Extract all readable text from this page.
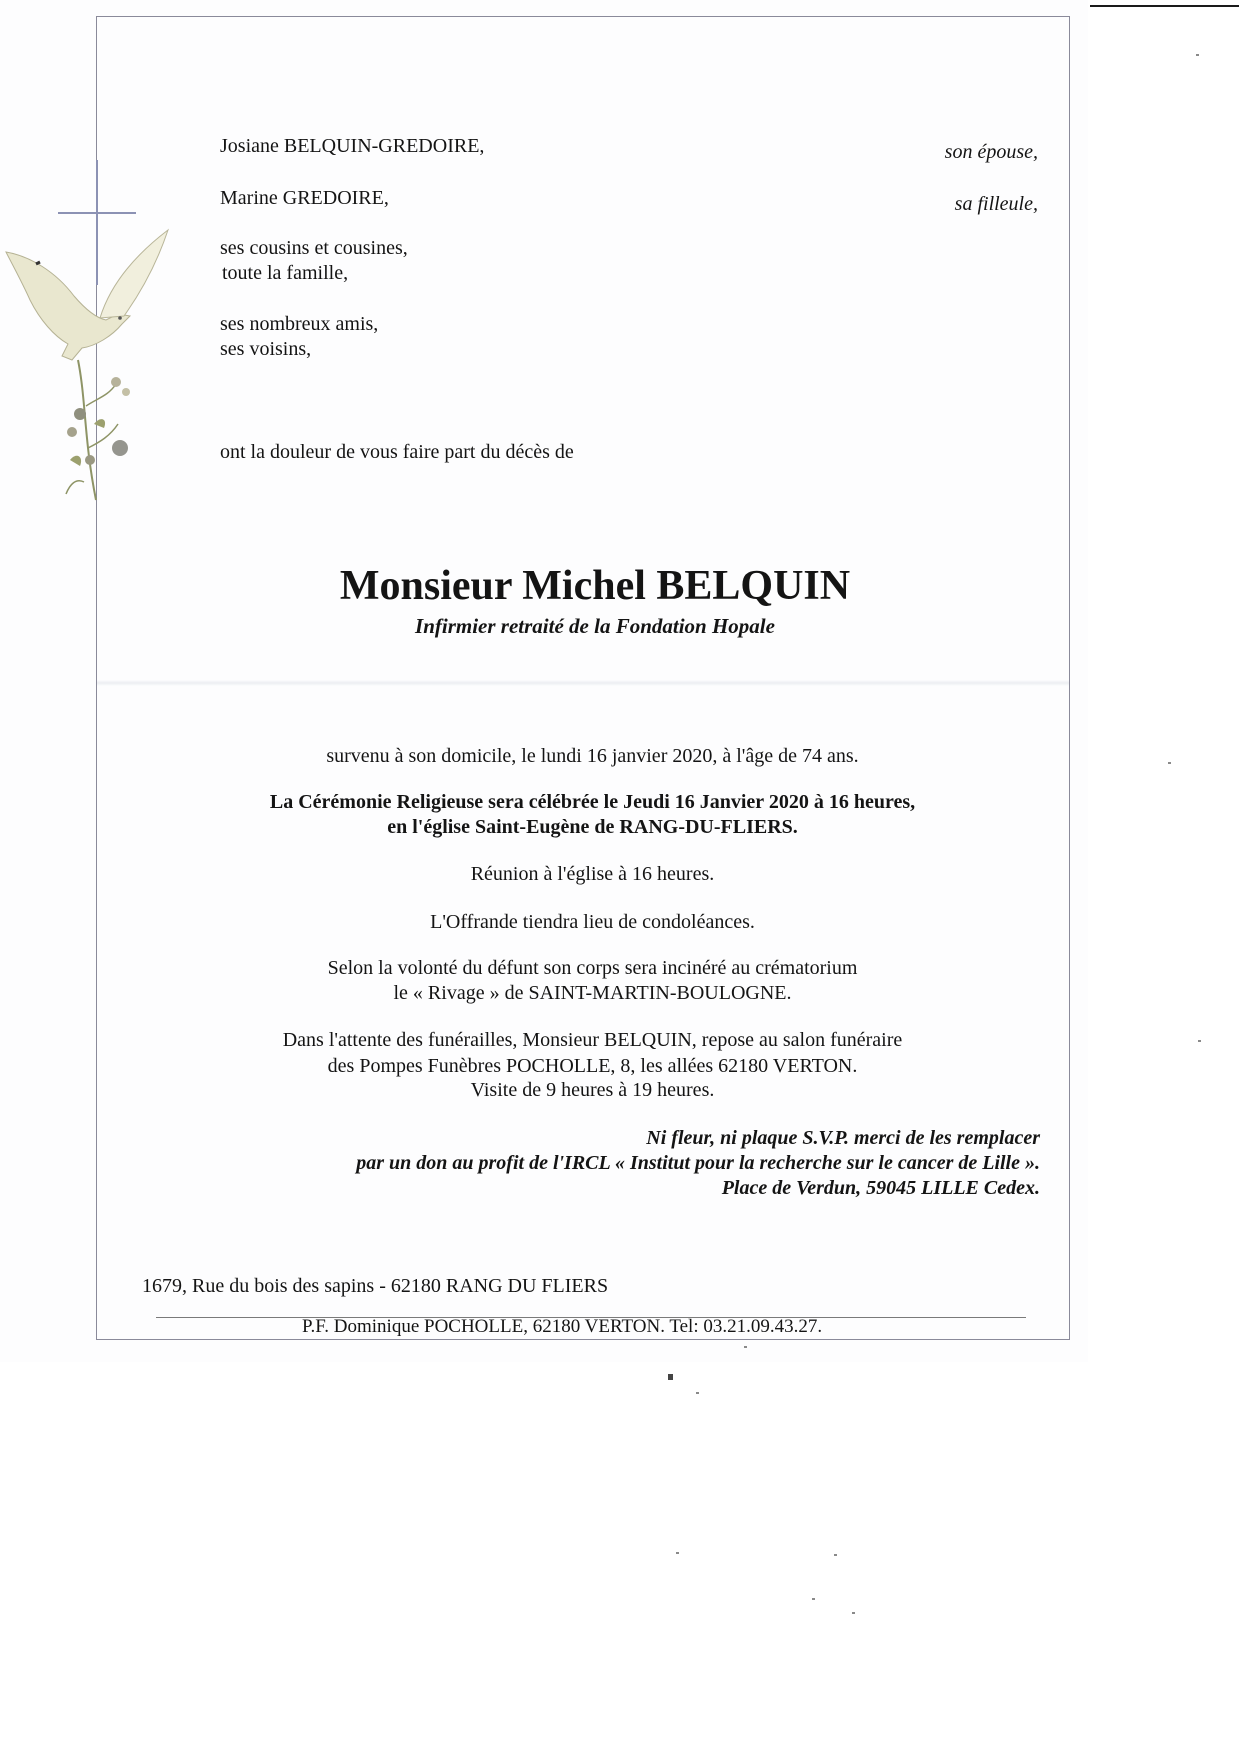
Josiane BELQUIN-GREDOIRE,	son épouse,
Marine GREDOIRE,	sa filleule,
ses cousins et cousines,
toute la famille,
ses nombreux amis,
ses voisins,
ont la douleur de vous faire part du décès de
Monsieur Michel BELQUIN
Infirmier retraité de la Fondation Hopale
survenu à son domicile, le lundi 16 janvier 2020, à l'âge de 74 ans.
La Cérémonie Religieuse sera célébrée le Jeudi 16 Janvier 2020 à 16 heures,
en l'église Saint-Eugène de RANG-DU-FLIERS.
Réunion à l'église à 16 heures.
L'Offrande tiendra lieu de condoléances.
Selon la volonté du défunt son corps sera incinéré au crématorium
le « Rivage » de SAINT-MARTIN-BOULOGNE.
Dans l'attente des funérailles, Monsieur BELQUIN, repose au salon funéraire
des Pompes Funèbres POCHOLLE, 8, les allées 62180 VERTON.
Visite de 9 heures à 19 heures.
Ni fleur, ni plaque S.V.P. merci de les remplacer
par un don au profit de l'IRCL « Institut pour la recherche sur le cancer de Lille ».
Place de Verdun, 59045 LILLE Cedex.
1679, Rue du bois des sapins - 62180 RANG DU FLIERS
P.F. Dominique POCHOLLE, 62180 VERTON. Tel: 03.21.09.43.27.
